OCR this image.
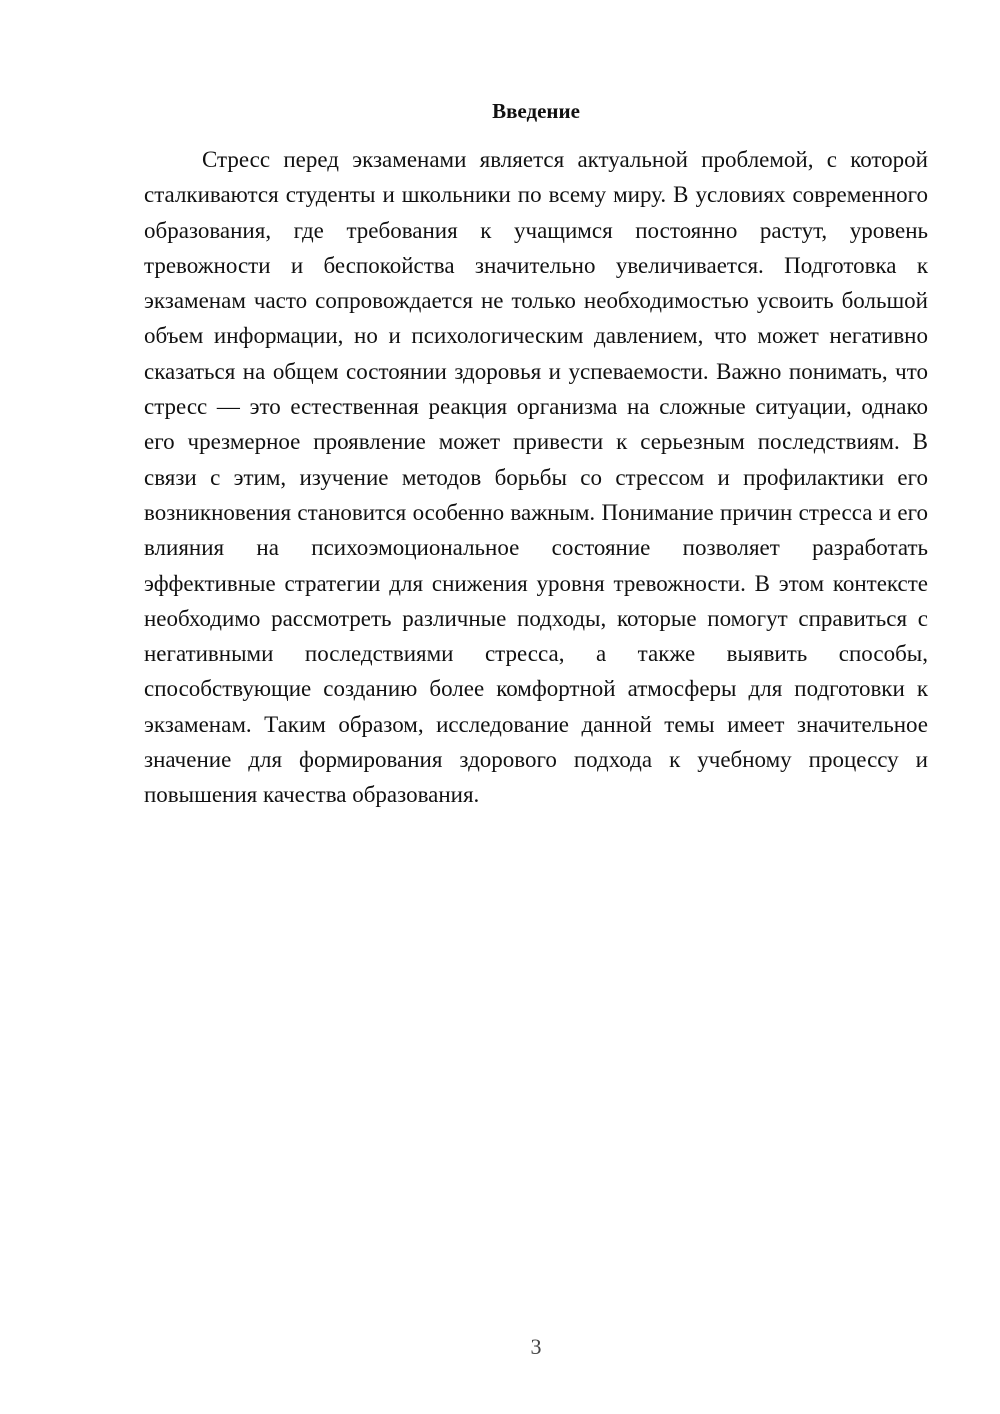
Введение

Стресс перед экзаменами является актуальной проблемой, с которой сталкиваются студенты и школьники по всему миру. В условиях современного образования, где требования к учащимся постоянно растут, уровень тревожности и беспокойства значительно увеличивается. Подготовка к экзаменам часто сопровождается не только необходимостью усвоить большой объем информации, но и психологическим давлением, что может негативно сказаться на общем состоянии здоровья и успеваемости. Важно понимать, что стресс — это естественная реакция организма на сложные ситуации, однако его чрезмерное проявление может привести к серьезным последствиям. В связи с этим, изучение методов борьбы со стрессом и профилактики его возникновения становится особенно важным. Понимание причин стресса и его влияния на психоэмоциональное состояние позволяет разработать эффективные стратегии для снижения уровня тревожности. В этом контексте необходимо рассмотреть различные подходы, которые помогут справиться с негативными последствиями стресса, а также выявить способы, способствующие созданию более комфортной атмосферы для подготовки к экзаменам. Таким образом, исследование данной темы имеет значительное значение для формирования здорового подхода к учебному процессу и повышения качества образования.

3
